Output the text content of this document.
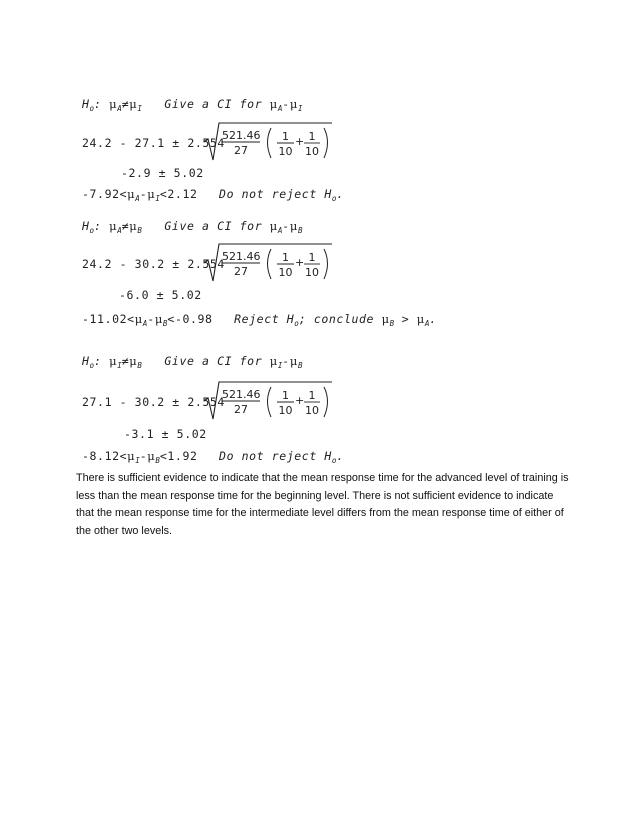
$H_o$: $\mu_A\ne\mu_I$ Give a CI for $\mu_A-\mu_I$
24.2 - 27.1 ± 2.554
521.46
27
1
10
+ 1
10
-2.9 ± 5.02
$-7.92<\mu_A-\mu_I<2.12$ Do not reject $H_o$.
$H_o$: $\mu_A\ne\mu_B$ Give a CI for $\mu_A-\mu_B$
24.2 - 30.2 ± 2.554
521.46
27
1
10
+ 1
10
-6.0 ± 5.02
$-11.02<\mu_A-\mu_B<-0.98$ Reject $H_o$; conclude $\mu_B > \mu_A$.
$H_o$: $\mu_I\ne\mu_B$ Give a CI for $\mu_I-\mu_B$
27.1 - 30.2 ± 2.554
521.46
27
1
10
+ 1
10
-3.1 ± 5.02
$-8.12<\mu_I-\mu_B<1.92$ Do not reject $H_o$.
There is sufficient evidence to indicate that the mean response time for the advanced level of training is
less than the mean response time for the beginning level. There is not sufficient evidence to indicate
that the mean response time for the intermediate level differs from the mean response time of either of
the other two levels.
